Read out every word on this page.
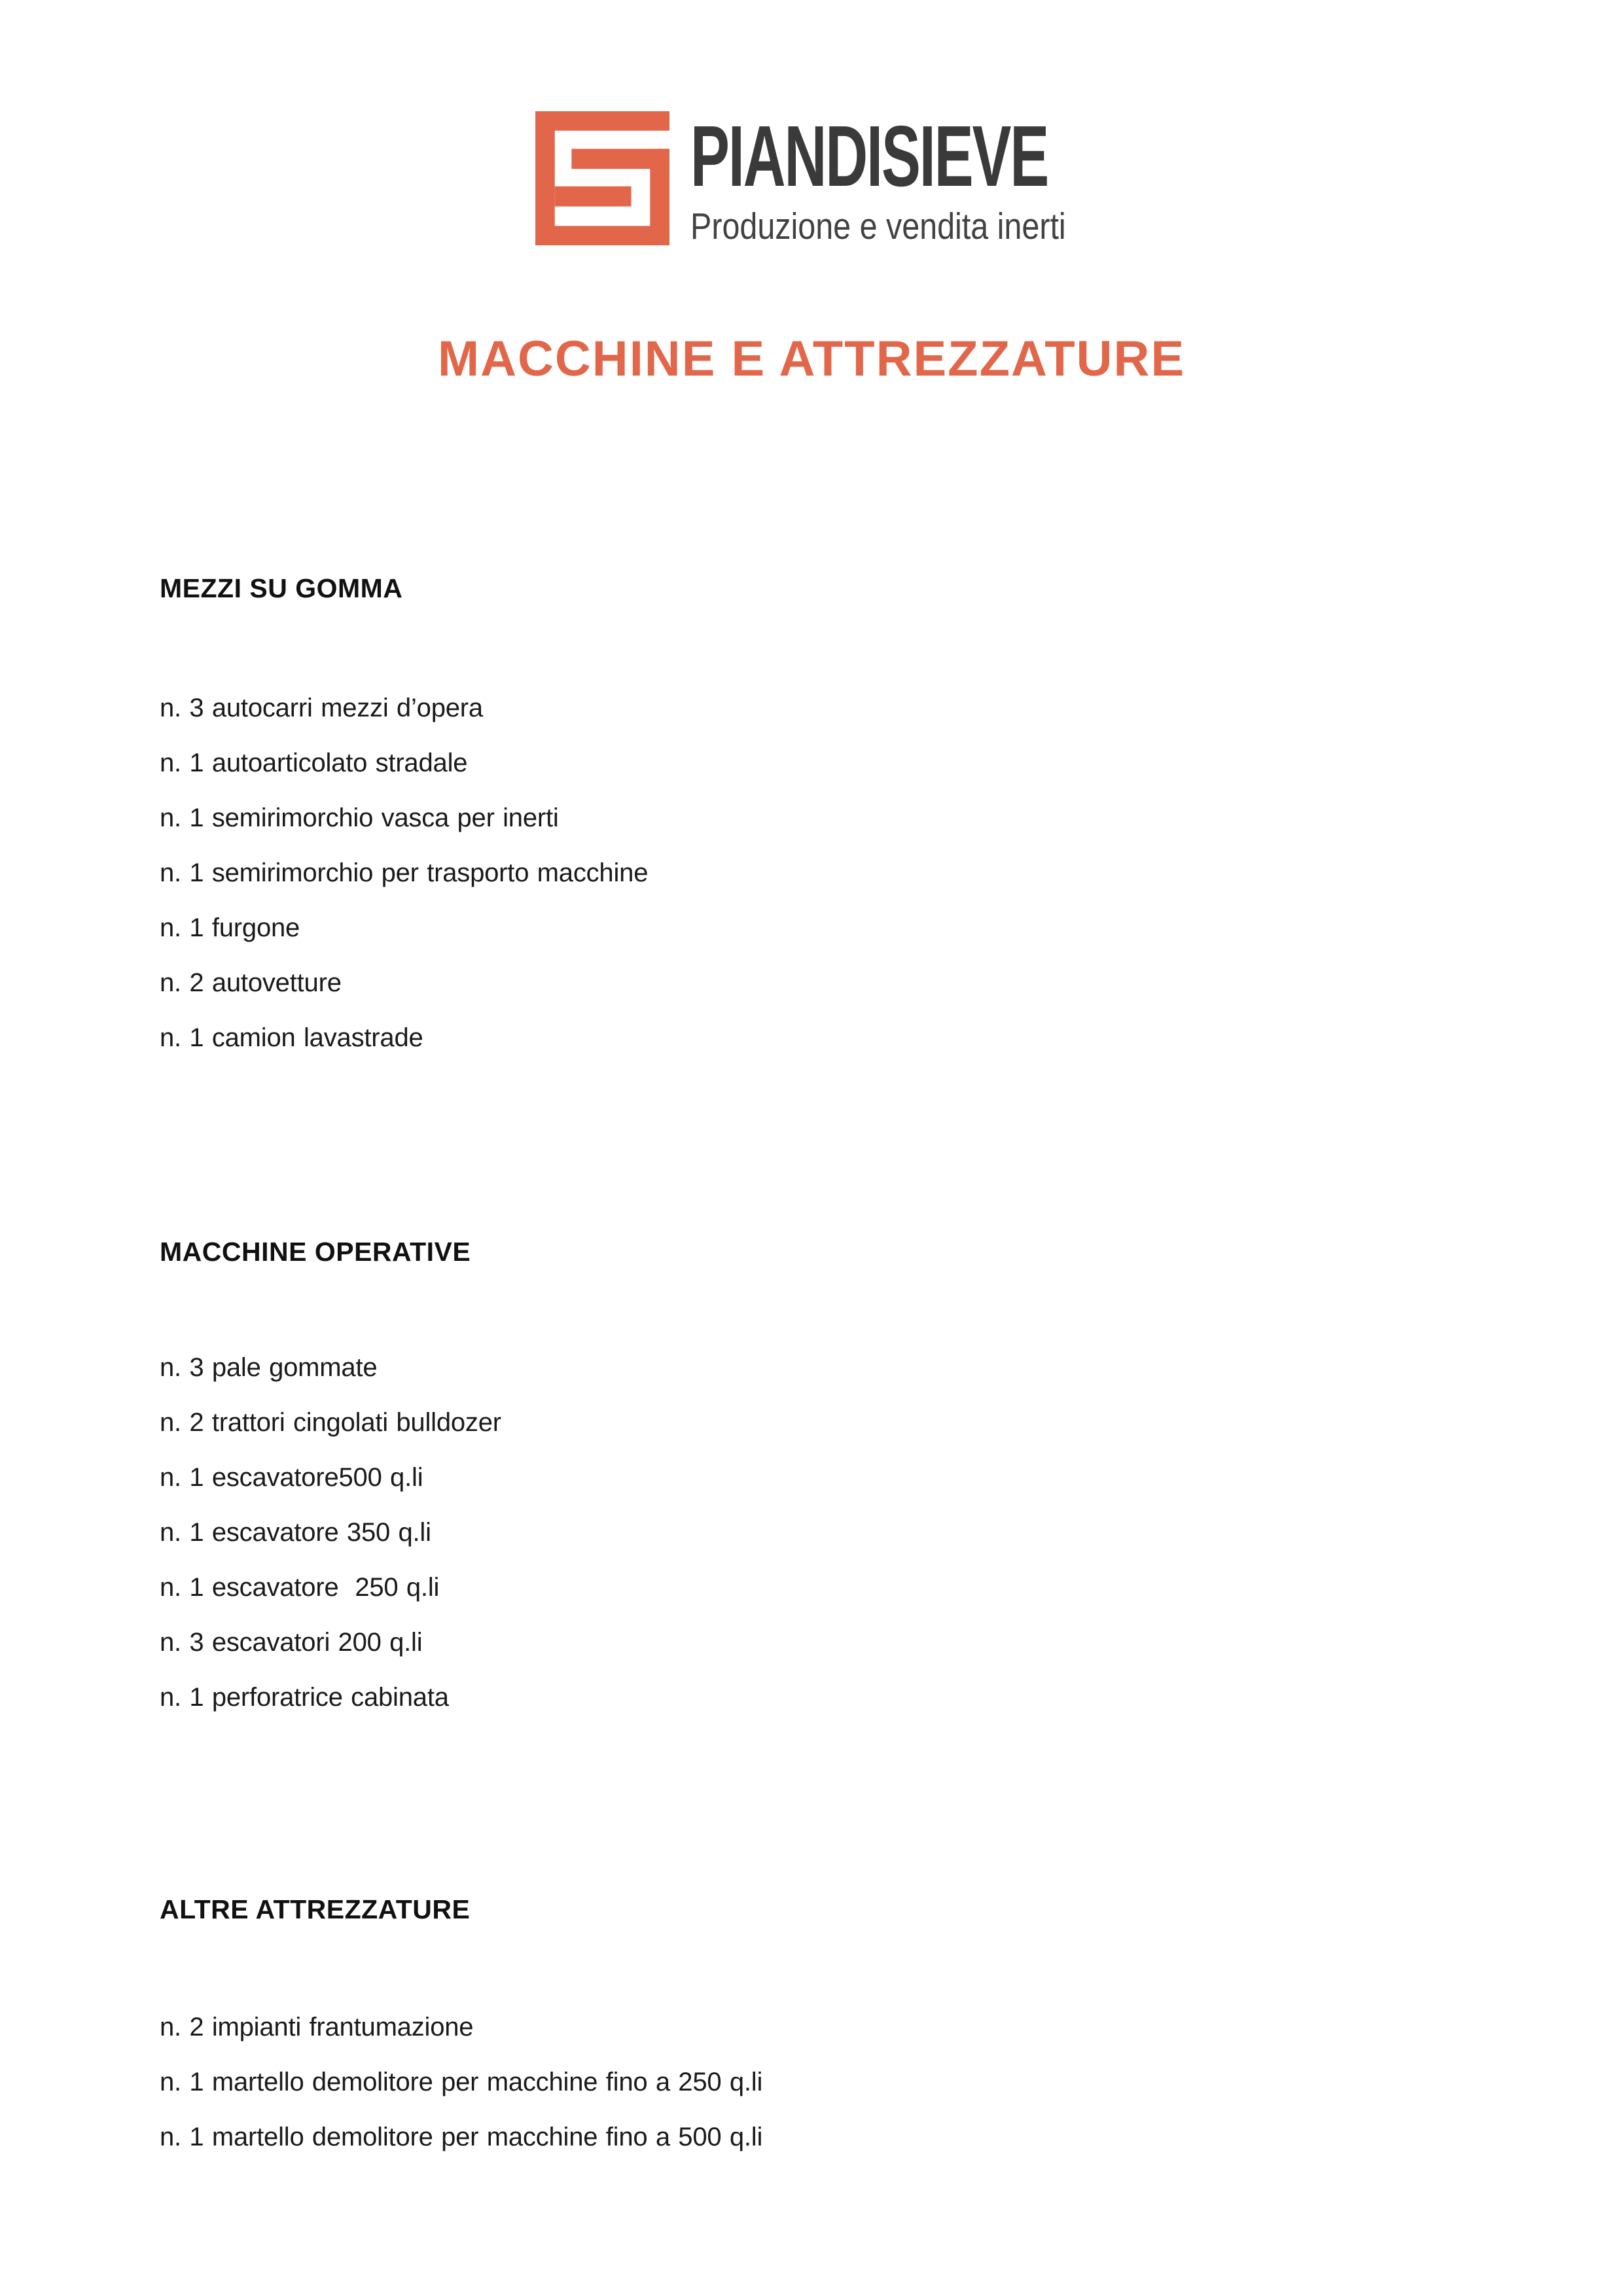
PIANDISIEVE
Produzione e vendita inerti
MACCHINE E ATTREZZATURE
MEZZI SU GOMMA
n. 3 autocarri mezzi d’opera
n. 1 autoarticolato stradale
n. 1 semirimorchio vasca per inerti
n. 1 semirimorchio per trasporto macchine
n. 1 furgone
n. 2 autovetture
n. 1 camion lavastrade
MACCHINE OPERATIVE
n. 3 pale gommate
n. 2 trattori cingolati bulldozer
n. 1 escavatore500 q.li
n. 1 escavatore 350 q.li
n. 1 escavatore  250 q.li
n. 3 escavatori 200 q.li
n. 1 perforatrice cabinata
ALTRE ATTREZZATURE
n. 2 impianti frantumazione
n. 1 martello demolitore per macchine fino a 250 q.li
n. 1 martello demolitore per macchine fino a 500 q.li
